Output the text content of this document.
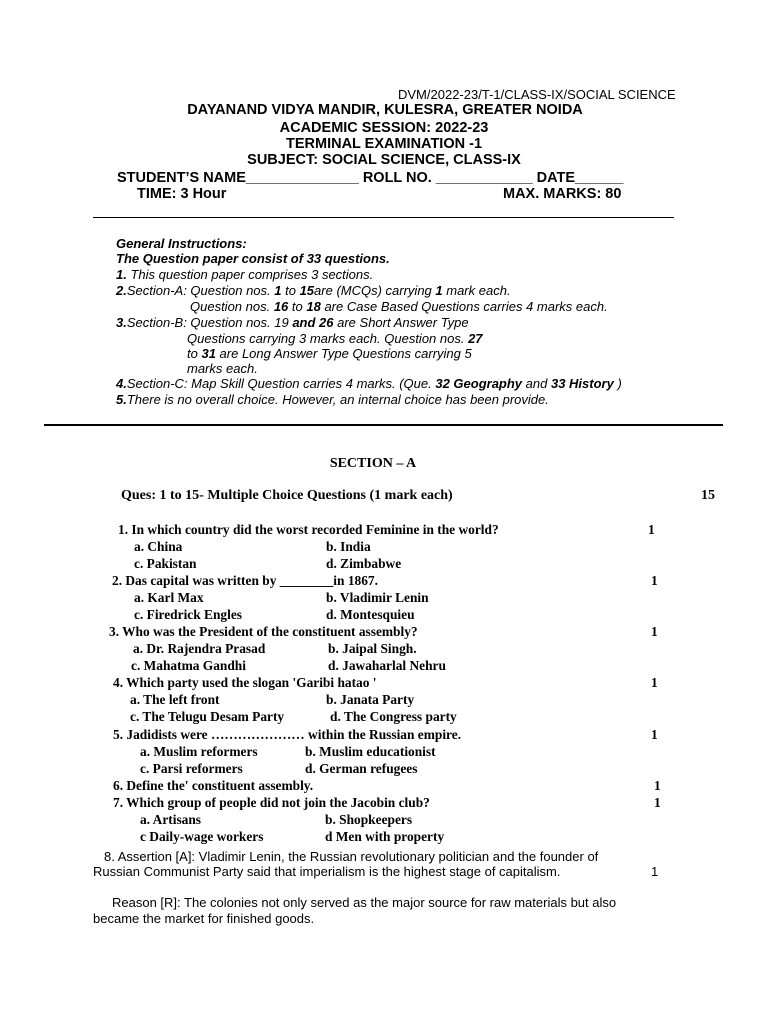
DVM/2022-23/T-1/CLASS-IX/SOCIAL SCIENCE
DAYANAND VIDYA MANDIR, KULESRA, GREATER NOIDA
ACADEMIC SESSION: 2022-23
TERMINAL EXAMINATION -1
SUBJECT: SOCIAL SCIENCE, CLASS-IX
STUDENT’S NAME______________ ROLL NO. ____________ DATE______
TIME: 3 Hour	MAX. MARKS: 80
General Instructions:
The Question paper consist of 33 questions.
1. This question paper comprises 3 sections.
2.Section-A: Question nos. 1 to 15are (MCQs) carrying 1 mark each.
Question nos. 16 to 18 are Case Based Questions carries 4 marks each.
3.Section-B: Question nos. 19 and 26 are Short Answer Type
Questions carrying 3 marks each. Question nos. 27
to 31 are Long Answer Type Questions carrying 5
marks each.
4.Section-C: Map Skill Question carries 4 marks. (Que. 32 Geography and 33 History )
5.There is no overall choice. However, an internal choice has been provide.
SECTION – A
Ques: 1 to 15- Multiple Choice Questions (1 mark each)	15
1. In which country did the worst recorded Feminine in the world?	1
a. China	b. India
c. Pakistan	d. Zimbabwe
2. Das capital was written by ________in 1867.	1
a. Karl Max	b. Vladimir Lenin
c. Firedrick Engles	d. Montesquieu
3. Who was the President of the constituent assembly?	1
a. Dr. Rajendra Prasad	b. Jaipal Singh.
c. Mahatma Gandhi	d. Jawaharlal Nehru
4. Which party used the slogan 'Garibi hatao '	1
a. The left front	b. Janata Party
c. The Telugu Desam Party	d. The Congress party
5. Jadidists were ………………… within the Russian empire.	1
a. Muslim reformers	b. Muslim educationist
c. Parsi reformers	d. German refugees
6. Define the' constituent assembly.	1
7. Which group of people did not join the Jacobin club?	1
a. Artisans	b. Shopkeepers
c Daily-wage workers	d Men with property
8. Assertion [A]: Vladimir Lenin, the Russian revolutionary politician and the founder of
Russian Communist Party said that imperialism is the highest stage of capitalism.	1
Reason [R]: The colonies not only served as the major source for raw materials but also
became the market for finished goods.
